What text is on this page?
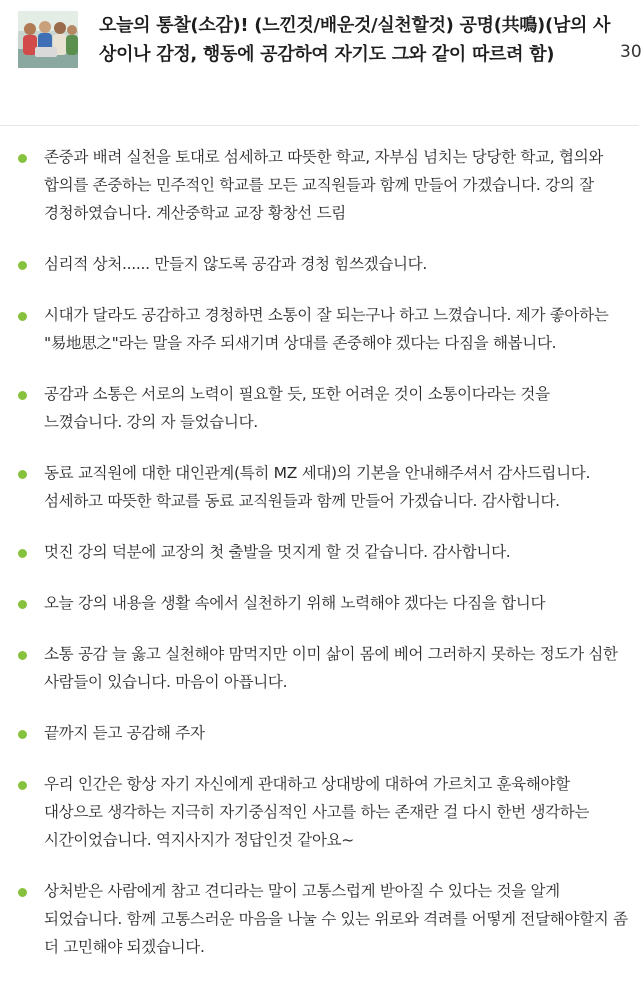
오늘의 통찰(소감)! (느낀것/배운것/실천할것) 공명(共鳴)(남의 사상이나 감정, 행동에 공감하여 자기도 그와 같이 따르려 함)	30
존중과 배려 실천을 토대로 섬세하고 따뜻한 학교, 자부심 넘치는 당당한 학교, 협의와 합의를 존중하는 민주적인 학교를 모든 교직원들과 함께 만들어 가겠습니다. 강의 잘 경청하였습니다. 계산중학교 교장 황창선 드림
심리적 상처...... 만들지 않도록 공감과 경청 힘쓰겠습니다.
시대가 달라도 공감하고 경청하면 소통이 잘 되는구나 하고 느꼈습니다. 제가 좋아하는 "易地思之"라는 말을 자주 되새기며 상대를 존중해야 겠다는 다짐을 해봅니다.
공감과 소통은 서로의 노력이 필요할 듯, 또한 어려운 것이 소통이다라는 것을 느꼈습니다. 강의 자 들었습니다.
동료 교직원에 대한 대인관계(특히 MZ 세대)의 기본을 안내해주셔서 감사드립니다. 섬세하고 따뜻한 학교를 동료 교직원들과 함께 만들어 가겠습니다. 감사합니다.
멋진 강의 덕분에 교장의 첫 출발을 멋지게 할 것 같습니다. 감사합니다.
오늘 강의 내용을 생활 속에서 실천하기 위해 노력해야 겠다는 다짐을 합니다
소통 공감 늘 옳고 실천해야 맘먹지만 이미 삶이 몸에 베어 그러하지 못하는 정도가 심한 사람들이 있습니다. 마음이 아픕니다.
끝까지 듣고 공감해 주자
우리 인간은 항상 자기 자신에게 관대하고 상대방에 대하여 가르치고 훈육해야할 대상으로 생각하는 지극히 자기중심적인 사고를 하는 존재란 걸 다시 한번 생각하는 시간이었습니다. 역지사지가 정답인것 같아요~
상처받은 사람에게 참고 견디라는 말이 고통스럽게 받아질 수 있다는 것을 알게 되었습니다. 함께 고통스러운 마음을 나눌 수 있는 위로와 격려를 어떻게 전달해야할지 좀 더 고민해야 되겠습니다.
